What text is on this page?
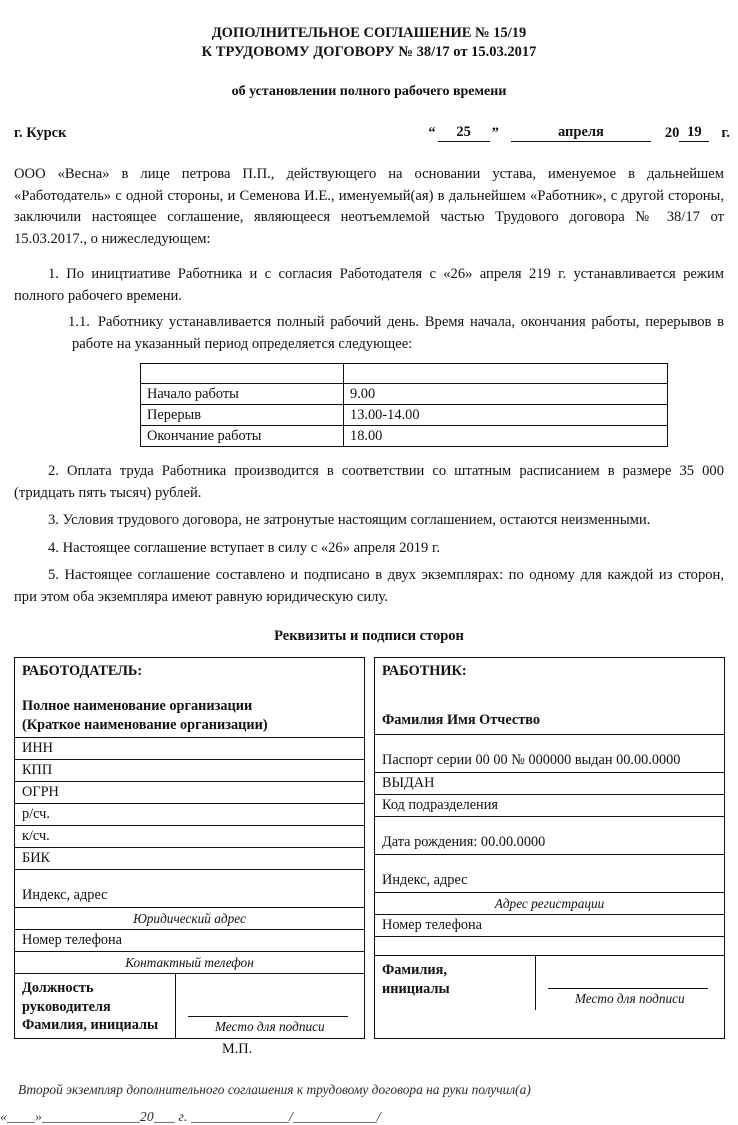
ДОПОЛНИТЕЛЬНОЕ СОГЛАШЕНИЕ № 15/19
К ТРУДОВОМУ ДОГОВОРУ № 38/17 от 15.03.2017
об установлении полного рабочего времени
г. Курск	“	25	”	апреля	20 19	г.

ООО «Весна» в лице петрова П.П., действующего на основании устава, именуемое в дальнейшем «Работодатель» с одной стороны, и Семенова И.Е., именуемый(ая) в дальнейшем «Работник», с другой стороны, заключили настоящее соглашение, являющееся неотъемлемой частью Трудового договора № 38/17 от 15.03.2017., о нижеследующем:

1. По иництиативе Работника и с согласия Работодателя с «26» апреля 219 г. устанавливается режим полного рабочего времени.
1.1. Работнику устанавливается полный рабочий день. Время начала, окончания работы, перерывов в работе на указанный период определяется следующее:

Начало работы	9.00
Перерыв	13.00-14.00
Окончание работы	18.00
2. Оплата труда Работника производится в соответствии со штатным расписанием в размере 35 000 (тридцать пять тысяч) рублей.
3. Условия трудового договора, не затронутые настоящим соглашением, остаются неизменными.
4. Настоящее соглашение вступает в силу с «26» апреля 2019 г.
5. Настоящее соглашение составлено и подписано в двух экземплярах: по одному для каждой из сторон, при этом оба экземпляра имеют равную юридическую силу.
Реквизиты и подписи сторон
РАБОТОДАТЕЛЬ:
Полное наименование организации
(Краткое наименование организации)
ИНН
КПП
ОГРН
р/сч.
к/сч.
БИК
Индекс, адрес
Юридический адрес
Номер телефона
Контактный телефон
Должность
руководителя
Фамилия, инициалы	Место для подписи
РАБОТНИК:
Фамилия Имя Отчество
Паспорт серии 00 00 № 000000 выдан 00.00.0000
ВЫДАН
Код подразделения
Дата рождения: 00.00.0000
Индекс, адрес
Адрес регистрации
Номер телефона
Фамилия,
инициалы
Место для подписи
М.П.
Второй экземпляр дополнительного соглашения к трудовому договора на руки получил(а)
«____»______________20___ г. ______________/____________/
